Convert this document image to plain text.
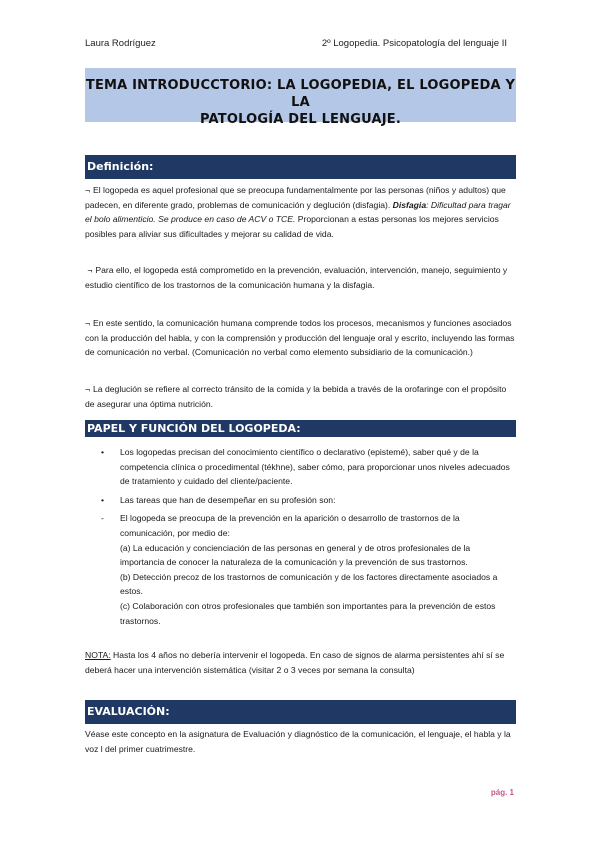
Laura Rodríguez	2º Logopedia. Psicopatología del lenguaje II
TEMA INTRODUCCTORIO: LA LOGOPEDIA, EL LOGOPEDA Y LA
PATOLOGÍA DEL LENGUAJE.
Definición:

¬ El logopeda es aquel profesional que se preocupa fundamentalmente por las personas (niños y adultos) que padecen, en diferente grado, problemas de comunicación y deglución (disfagia). Disfagia: Dificultad para tragar el bolo alimenticio. Se produce en caso de ACV o TCE. Proporcionan a estas personas los mejores servicios posibles para aliviar sus dificultades y mejorar su calidad de vida.

¬ Para ello, el logopeda está comprometido en la prevención, evaluación, intervención, manejo, seguimiento y estudio científico de los trastornos de la comunicación humana y la disfagia.

¬ En este sentido, la comunicación humana comprende todos los procesos, mecanismos y funciones asociados con la producción del habla, y con la comprensión y producción del lenguaje oral y escrito, incluyendo las formas de comunicación no verbal. (Comunicación no verbal como elemento subsidiario de la comunicación.)

¬ La deglución se refiere al correcto tránsito de la comida y la bebida a través de la orofaringe con el propósito de asegurar una óptima nutrición.

PAPEL Y FUNCIÓN DEL LOGOPEDA:
• Los logopedas precisan del conocimiento científico o declarativo (epistemé), saber qué y de la competencia clínica o procedimental (tékhne), saber cómo, para proporcionar unos niveles adecuados de tratamiento y cuidado del cliente/paciente.
• Las tareas que han de desempeñar en su profesión son:
- El logopeda se preocupa de la prevención en la aparición o desarrollo de trastornos de la comunicación, por medio de:
(a) La educación y concienciación de las personas en general y de otros profesionales de la importancia de conocer la naturaleza de la comunicación y la prevención de sus trastornos.
(b) Detección precoz de los trastornos de comunicación y de los factores directamente asociados a estos.
(c) Colaboración con otros profesionales que también son importantes para la prevención de estos trastornos.

NOTA: Hasta los 4 años no debería intervenir el logopeda. En caso de signos de alarma persistentes ahí sí se deberá hacer una intervención sistemática (visitar 2 o 3 veces por semana la consulta)

EVALUACIÓN:

Véase este concepto en la asignatura de Evaluación y diagnóstico de la comunicación, el lenguaje, el habla y la voz l del primer cuatrimestre.

pág. 1
